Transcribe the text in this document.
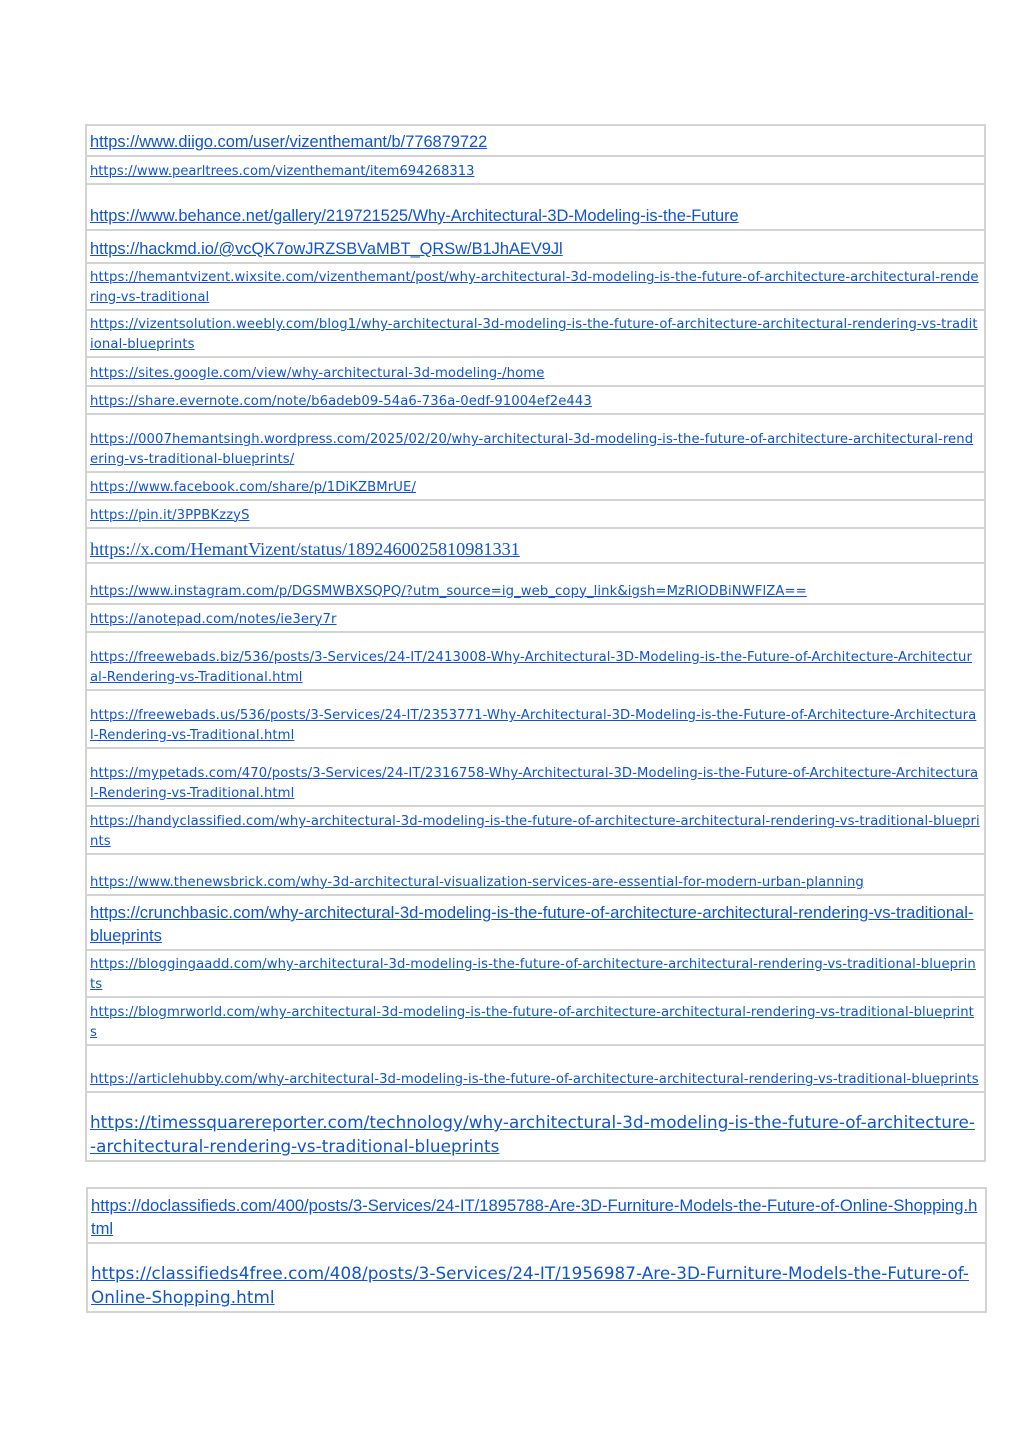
https://www.diigo.com/user/vizenthemant/b/776879722

https://www.pearltrees.com/vizenthemant/item694268313

https://www.behance.net/gallery/219721525/Why-Architectural-3D-Modeling-is-the-Future

https://hackmd.io/@vcQK7owJRZSBVaMBT_QRSw/B1JhAEV9Jl

https://hemantvizent.wixsite.com/vizenthemant/post/why-architectural-3d-modeling-is-the-future-of-architecture-architectural-rendering-vs-traditional

https://vizentsolution.weebly.com/blog1/why-architectural-3d-modeling-is-the-future-of-architecture-architectural-rendering-vs-traditional-blueprints

https://sites.google.com/view/why-architectural-3d-modeling-/home

https://share.evernote.com/note/b6adeb09-54a6-736a-0edf-91004ef2e443

https://0007hemantsingh.wordpress.com/2025/02/20/why-architectural-3d-modeling-is-the-future-of-architecture-architectural-rendering-vs-traditional-blueprints/

https://www.facebook.com/share/p/1DiKZBMrUE/

https://pin.it/3PPBKzzyS

https://x.com/HemantVizent/status/1892460025810981331

https://www.instagram.com/p/DGSMWBXSQPQ/?utm_source=ig_web_copy_link&igsh=MzRlODBiNWFlZA==

https://anotepad.com/notes/ie3ery7r

https://freewebads.biz/536/posts/3-Services/24-IT/2413008-Why-Architectural-3D-Modeling-is-the-Future-of-Architecture-Architectural-Rendering-vs-Traditional.html

https://freewebads.us/536/posts/3-Services/24-IT/2353771-Why-Architectural-3D-Modeling-is-the-Future-of-Architecture-Architectural-Rendering-vs-Traditional.html

https://mypetads.com/470/posts/3-Services/24-IT/2316758-Why-Architectural-3D-Modeling-is-the-Future-of-Architecture-Architectural-Rendering-vs-Traditional.html

https://handyclassified.com/why-architectural-3d-modeling-is-the-future-of-architecture-architectural-rendering-vs-traditional-blueprints

https://www.thenewsbrick.com/why-3d-architectural-visualization-services-are-essential-for-modern-urban-planning

https://crunchbasic.com/why-architectural-3d-modeling-is-the-future-of-architecture-architectural-rendering-vs-traditional-blueprints

https://bloggingaadd.com/why-architectural-3d-modeling-is-the-future-of-architecture-architectural-rendering-vs-traditional-blueprints

https://blogmrworld.com/why-architectural-3d-modeling-is-the-future-of-architecture-architectural-rendering-vs-traditional-blueprints

https://articlehubby.com/why-architectural-3d-modeling-is-the-future-of-architecture-architectural-rendering-vs-traditional-blueprints

https://timessquarereporter.com/technology/why-architectural-3d-modeling-is-the-future-of-architecture--architectural-rendering-vs-traditional-blueprints
https://doclassifieds.com/400/posts/3-Services/24-IT/1895788-Are-3D-Furniture-Models-the-Future-of-Online-Shopping.html

https://classifieds4free.com/408/posts/3-Services/24-IT/1956987-Are-3D-Furniture-Models-the-Future-of-Online-Shopping.html
